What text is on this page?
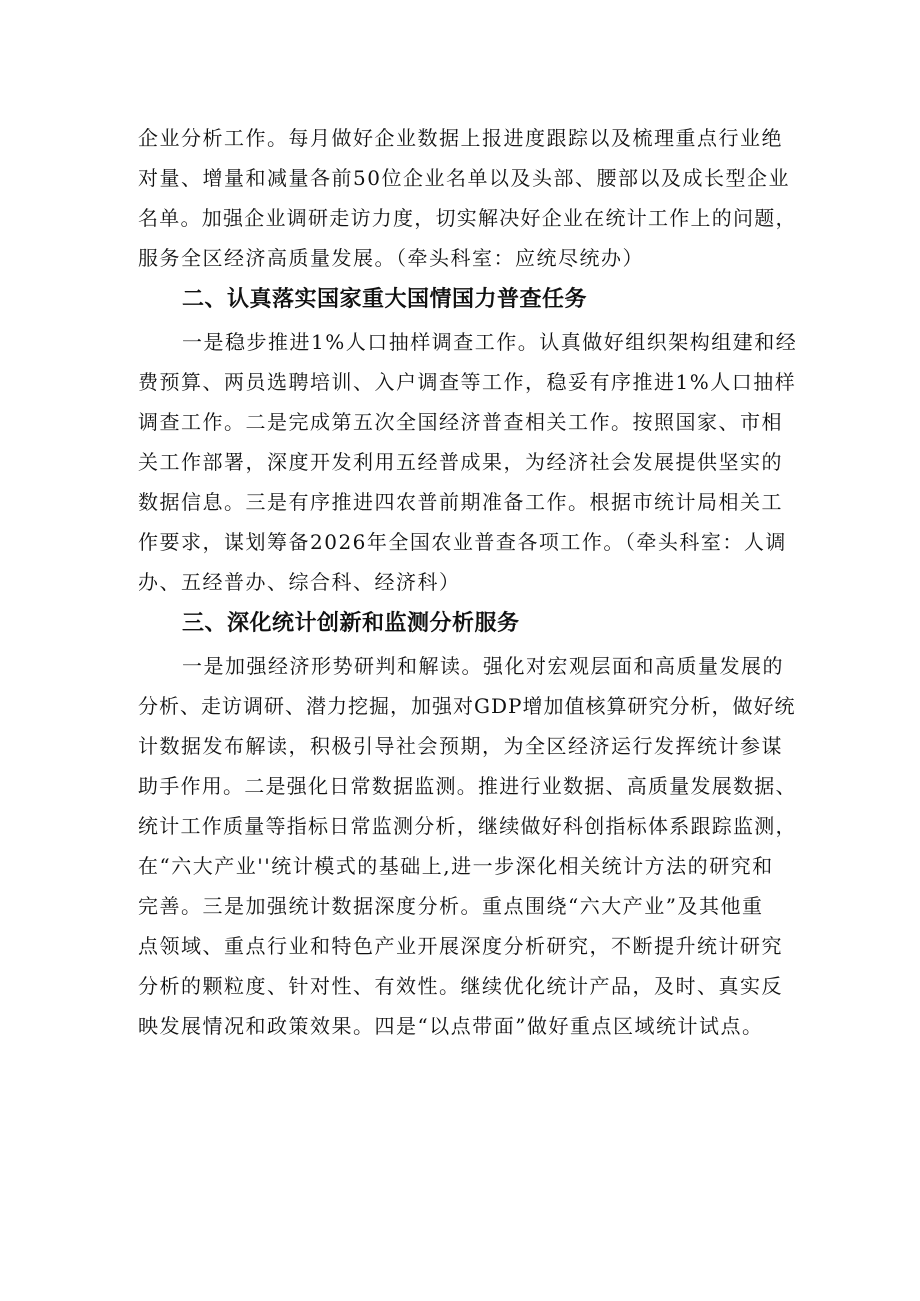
企业分析工作。每月做好企业数据上报进度跟踪以及梳理重点行业绝
对量、增量和减量各前50位企业名单以及头部、腰部以及成长型企业
名单。加强企业调研走访力度，切实解决好企业在统计工作上的问题，
服务全区经济高质量发展。（牵头科室：应统尽统办）
二、认真落实国家重大国情国力普查任务
一是稳步推进1%人口抽样调查工作。认真做好组织架构组建和经
费预算、两员选聘培训、入户调查等工作，稳妥有序推进1%人口抽样
调查工作。二是完成第五次全国经济普查相关工作。按照国家、市相
关工作部署，深度开发利用五经普成果，为经济社会发展提供坚实的
数据信息。三是有序推进四农普前期准备工作。根据市统计局相关工
作要求，谋划筹备2026年全国农业普查各项工作。（牵头科室：人调
办、五经普办、综合科、经济科）
三、深化统计创新和监测分析服务
一是加强经济形势研判和解读。强化对宏观层面和高质量发展的
分析、走访调研、潜力挖掘，加强对GDP增加值核算研究分析，做好统
计数据发布解读，积极引导社会预期，为全区经济运行发挥统计参谋
助手作用。二是强化日常数据监测。推进行业数据、高质量发展数据、
统计工作质量等指标日常监测分析，继续做好科创指标体系跟踪监测，
在“六大产业''统计模式的基础上,进一步深化相关统计方法的研究和
完善。三是加强统计数据深度分析。重点围绕“六大产业”及其他重
点领域、重点行业和特色产业开展深度分析研究，不断提升统计研究
分析的颗粒度、针对性、有效性。继续优化统计产品，及时、真实反
映发展情况和政策效果。四是“以点带面”做好重点区域统计试点。
